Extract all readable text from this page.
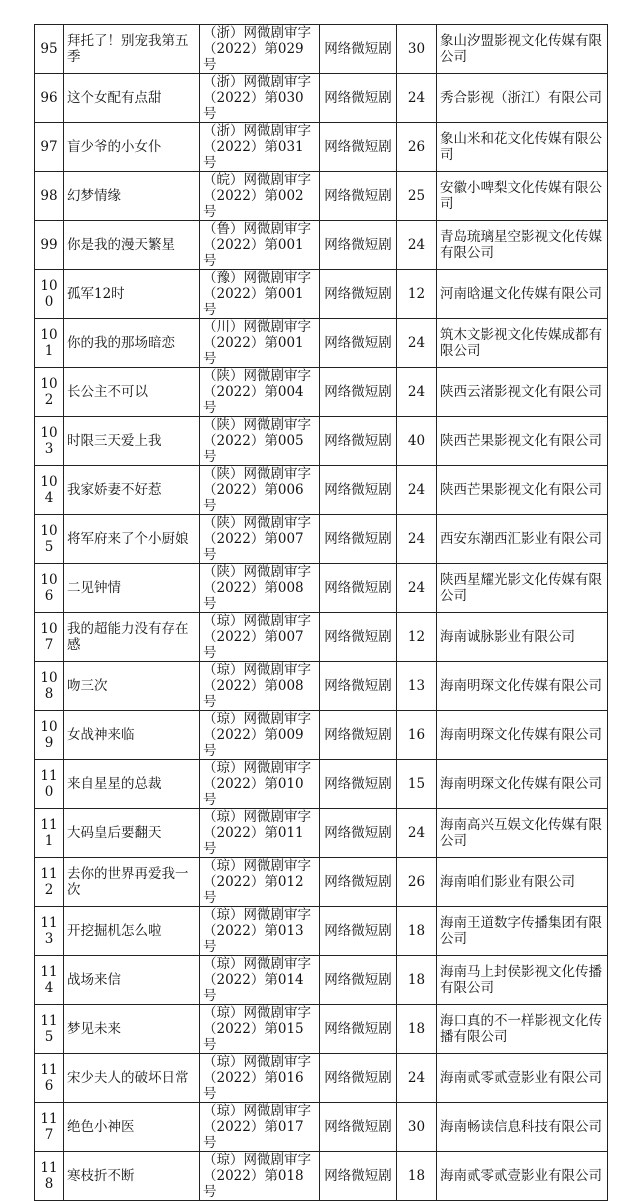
95	拜托了！别宠我第五季	（浙）网微剧审字（2022）第029号	网络微短剧	30	象山汐盟影视文化传媒有限公司
96	这个女配有点甜	（浙）网微剧审字（2022）第030号	网络微短剧	24	秀合影视（浙江）有限公司
97	盲少爷的小女仆	（浙）网微剧审字（2022）第031号	网络微短剧	26	象山米和花文化传媒有限公司
98	幻梦情缘	（皖）网微剧审字（2022）第002号	网络微短剧	25	安徽小啤梨文化传媒有限公司
99	你是我的漫天繁星	（鲁）网微剧审字（2022）第001号	网络微短剧	24	青岛琉璃星空影视文化传媒有限公司
100	孤军12时	（豫）网微剧审字（2022）第001号	网络微短剧	12	河南晗暹文化传媒有限公司
101	你的我的那场暗恋	（川）网微剧审字（2022）第001号	网络微短剧	24	筑木文影视文化传媒成都有限公司
102	长公主不可以	（陕）网微剧审字（2022）第004号	网络微短剧	24	陕西云渚影视文化有限公司
103	时限三天爱上我	（陕）网微剧审字（2022）第005号	网络微短剧	40	陕西芒果影视文化有限公司
104	我家娇妻不好惹	（陕）网微剧审字（2022）第006号	网络微短剧	24	陕西芒果影视文化有限公司
105	将军府来了个小厨娘	（陕）网微剧审字（2022）第007号	网络微短剧	24	西安东潮西汇影业有限公司
106	二见钟情	（陕）网微剧审字（2022）第008号	网络微短剧	24	陕西星耀光影文化传媒有限公司
107	我的超能力没有存在感	（琼）网微剧审字（2022）第007号	网络微短剧	12	海南诚脉影业有限公司
108	吻三次	（琼）网微剧审字（2022）第008号	网络微短剧	13	海南明琛文化传媒有限公司
109	女战神来临	（琼）网微剧审字（2022）第009号	网络微短剧	16	海南明琛文化传媒有限公司
110	来自星星的总裁	（琼）网微剧审字（2022）第010号	网络微短剧	15	海南明琛文化传媒有限公司
111	大码皇后要翻天	（琼）网微剧审字（2022）第011号	网络微短剧	24	海南高兴互娱文化传媒有限公司
112	去你的世界再爱我一次	（琼）网微剧审字（2022）第012号	网络微短剧	26	海南咱们影业有限公司
113	开挖掘机怎么啦	（琼）网微剧审字（2022）第013号	网络微短剧	18	海南王道数字传播集团有限公司
114	战场来信	（琼）网微剧审字（2022）第014号	网络微短剧	18	海南马上封侯影视文化传播有限公司
115	梦见未来	（琼）网微剧审字（2022）第015号	网络微短剧	18	海口真的不一样影视文化传播有限公司
116	宋少夫人的破坏日常	（琼）网微剧审字（2022）第016号	网络微短剧	24	海南贰零贰壹影业有限公司
117	绝色小神医	（琼）网微剧审字（2022）第017号	网络微短剧	30	海南畅读信息科技有限公司
118	寒枝折不断	（琼）网微剧审字（2022）第018号	网络微短剧	18	海南贰零贰壹影业有限公司
